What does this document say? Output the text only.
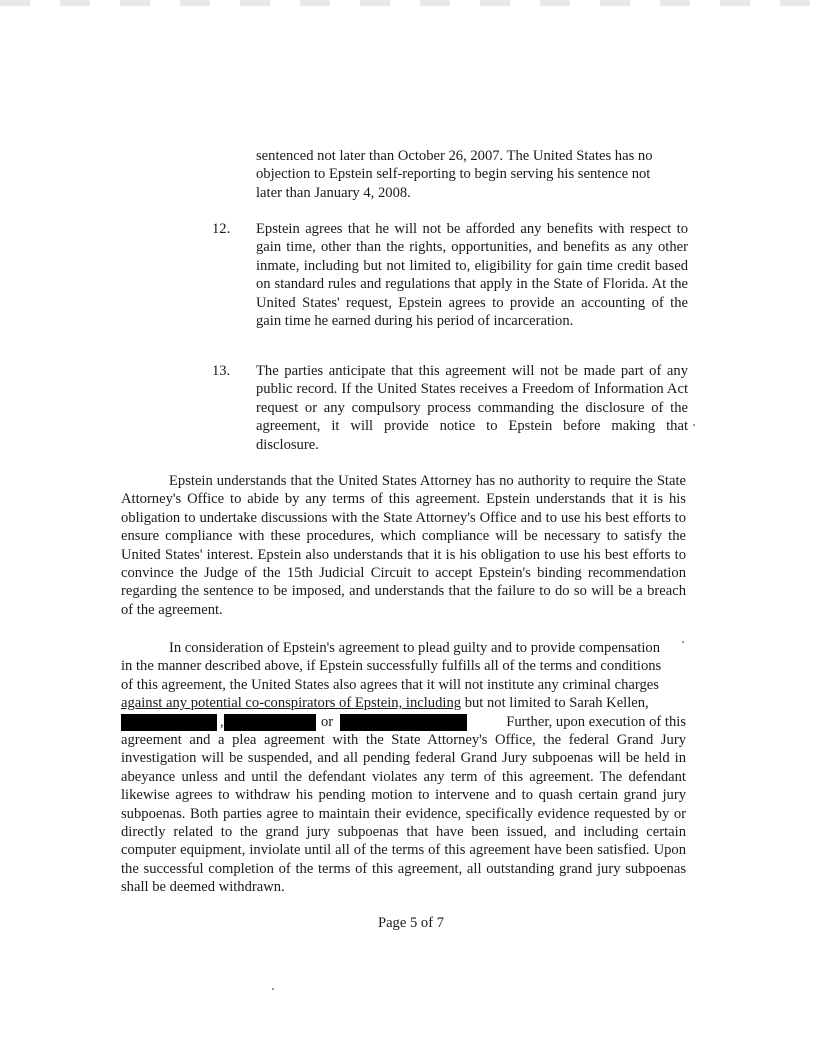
sentenced not later than October 26, 2007. The United States has no
objection to Epstein self-reporting to begin serving his sentence not
later than January 4, 2008.
12. Epstein agrees that he will not be afforded any benefits with respect to gain time, other than the rights, opportunities, and benefits as any other inmate, including but not limited to, eligibility for gain time credit based on standard rules and regulations that apply in the State of Florida. At the United States' request, Epstein agrees to provide an accounting of the gain time he earned during his period of incarceration.
13. The parties anticipate that this agreement will not be made part of any public record. If the United States receives a Freedom of Information Act request or any compulsory process commanding the disclosure of the agreement, it will provide notice to Epstein before making that disclosure.
Epstein understands that the United States Attorney has no authority to require the State Attorney's Office to abide by any terms of this agreement. Epstein understands that it is his obligation to undertake discussions with the State Attorney's Office and to use his best efforts to ensure compliance with these procedures, which compliance will be necessary to satisfy the United States' interest. Epstein also understands that it is his obligation to use his best efforts to convince the Judge of the 15th Judicial Circuit to accept Epstein's binding recommendation regarding the sentence to be imposed, and understands that the failure to do so will be a breach of the agreement.
In consideration of Epstein's agreement to plead guilty and to provide compensation
in the manner described above, if Epstein successfully fulfills all of the terms and conditions
of this agreement, the United States also agrees that it will not institute any criminal charges
against any potential co-conspirators of Epstein, including but not limited to Sarah Kellen,
,	or	Further, upon execution of this
agreement and a plea agreement with the State Attorney's Office, the federal Grand Jury investigation will be suspended, and all pending federal Grand Jury subpoenas will be held in abeyance unless and until the defendant violates any term of this agreement. The defendant likewise agrees to withdraw his pending motion to intervene and to quash certain grand jury subpoenas. Both parties agree to maintain their evidence, specifically evidence requested by or directly related to the grand jury subpoenas that have been issued, and including certain computer equipment, inviolate until all of the terms of this agreement have been satisfied. Upon the successful completion of the terms of this agreement, all outstanding grand jury subpoenas shall be deemed withdrawn.
Page 5 of 7
